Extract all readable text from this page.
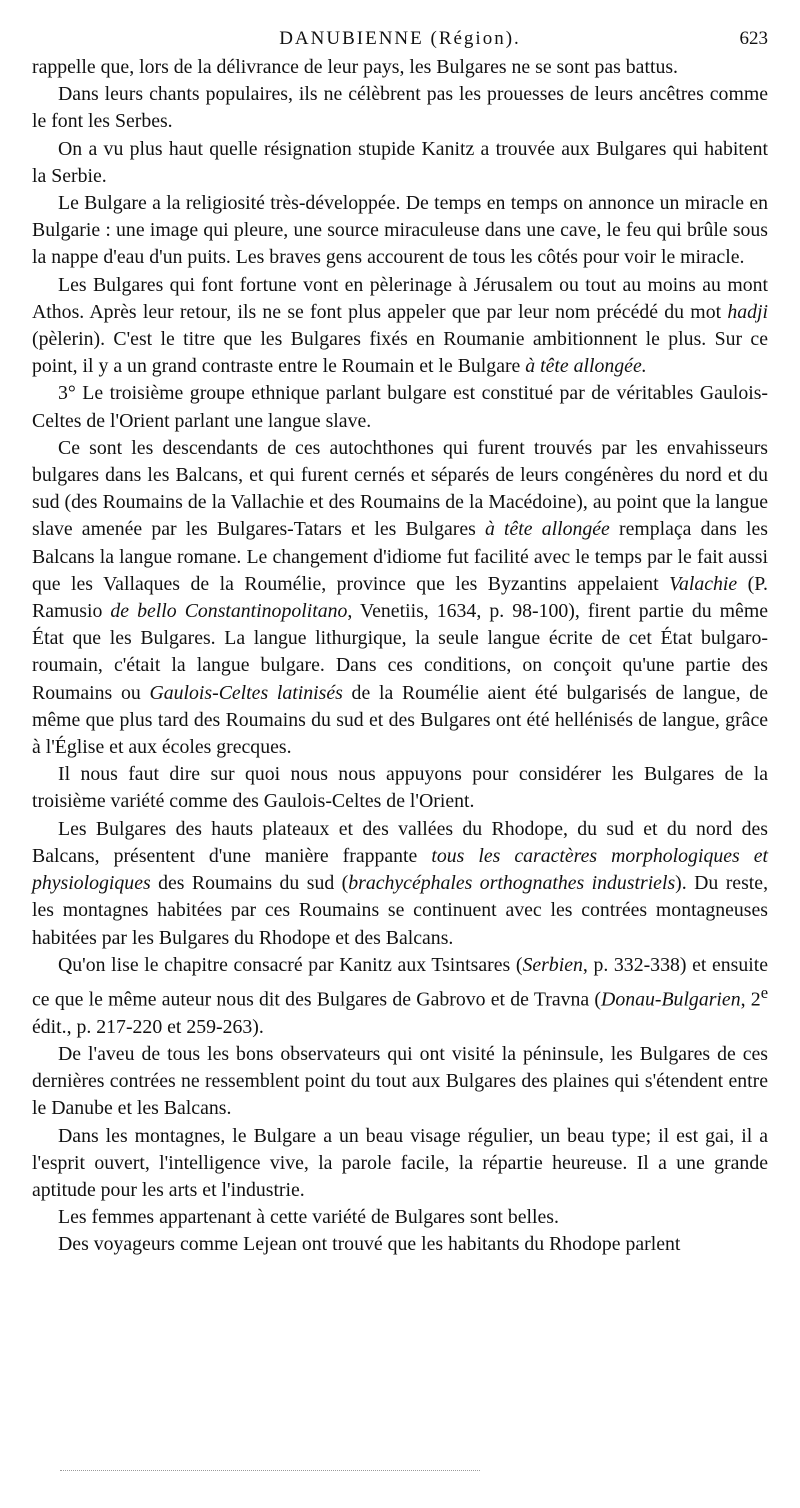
DANUBIENNE (Région).	623

rappelle que, lors de la délivrance de leur pays, les Bulgares ne se sont pas battus.

Dans leurs chants populaires, ils ne célèbrent pas les prouesses de leurs ancêtres comme le font les Serbes.

On a vu plus haut quelle résignation stupide Kanitz a trouvée aux Bulgares qui habitent la Serbie.

Le Bulgare a la religiosité très-développée. De temps en temps on annonce un miracle en Bulgarie : une image qui pleure, une source miraculeuse dans une cave, le feu qui brûle sous la nappe d'eau d'un puits. Les braves gens accourent de tous les côtés pour voir le miracle.

Les Bulgares qui font fortune vont en pèlerinage à Jérusalem ou tout au moins au mont Athos. Après leur retour, ils ne se font plus appeler que par leur nom précédé du mot hadji (pèlerin). C'est le titre que les Bulgares fixés en Roumanie ambitionnent le plus. Sur ce point, il y a un grand contraste entre le Roumain et le Bulgare à tête allongée.

3° Le troisième groupe ethnique parlant bulgare est constitué par de véritables Gaulois-Celtes de l'Orient parlant une langue slave.

Ce sont les descendants de ces autochthones qui furent trouvés par les envahisseurs bulgares dans les Balcans, et qui furent cernés et séparés de leurs congénères du nord et du sud (des Roumains de la Vallachie et des Roumains de la Macédoine), au point que la langue slave amenée par les Bulgares-Tatars et les Bulgares à tête allongée remplaça dans les Balcans la langue romane. Le changement d'idiome fut facilité avec le temps par le fait aussi que les Vallaques de la Roumélie, province que les Byzantins appelaient Valachie (P. Ramusio de bello Constantinopolitano, Venetiis, 1634, p. 98-100), firent partie du même État que les Bulgares. La langue lithurgique, la seule langue écrite de cet État bulgaro-roumain, c'était la langue bulgare. Dans ces conditions, on conçoit qu'une partie des Roumains ou Gaulois-Celtes latinisés de la Roumélie aient été bulgarisés de langue, de même que plus tard des Roumains du sud et des Bulgares ont été hellénisés de langue, grâce à l'Église et aux écoles grecques.

Il nous faut dire sur quoi nous nous appuyons pour considérer les Bulgares de la troisième variété comme des Gaulois-Celtes de l'Orient.

Les Bulgares des hauts plateaux et des vallées du Rhodope, du sud et du nord des Balcans, présentent d'une manière frappante tous les caractères morphologiques et physiologiques des Roumains du sud (brachycéphales orthognathes industriels). Du reste, les montagnes habitées par ces Roumains se continuent avec les contrées montagneuses habitées par les Bulgares du Rhodope et des Balcans.

Qu'on lise le chapitre consacré par Kanitz aux Tsintsares (Serbien, p. 332-338) et ensuite ce que le même auteur nous dit des Bulgares de Gabrovo et de Travna (Donau-Bulgarien, 2e édit., p. 217-220 et 259-263).

De l'aveu de tous les bons observateurs qui ont visité la péninsule, les Bulgares de ces dernières contrées ne ressemblent point du tout aux Bulgares des plaines qui s'étendent entre le Danube et les Balcans.

Dans les montagnes, le Bulgare a un beau visage régulier, un beau type; il est gai, il a l'esprit ouvert, l'intelligence vive, la parole facile, la répartie heureuse. Il a une grande aptitude pour les arts et l'industrie.

Les femmes appartenant à cette variété de Bulgares sont belles.

Des voyageurs comme Lejean ont trouvé que les habitants du Rhodope parlent
